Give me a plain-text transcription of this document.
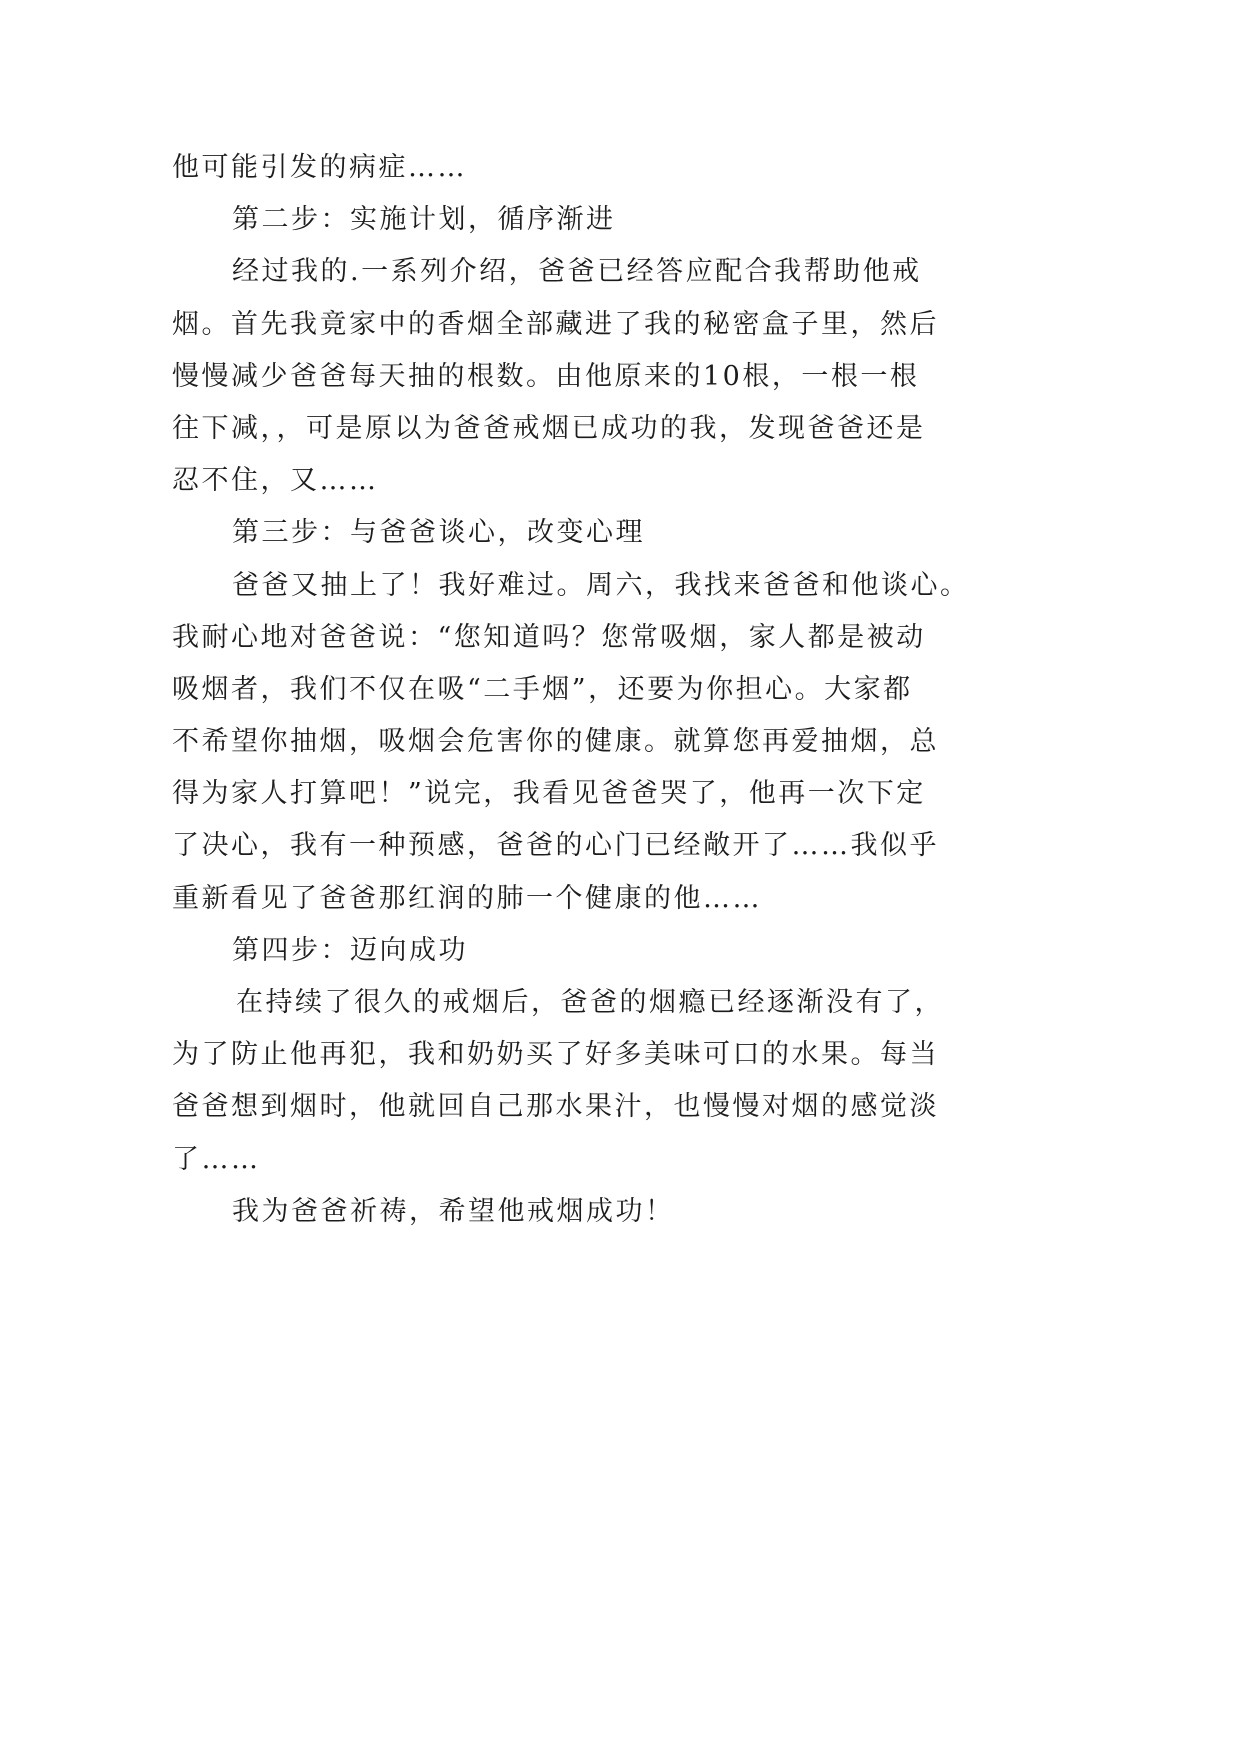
他可能引发的病症……
第二步：实施计划，循序渐进
经过我的.一系列介绍，爸爸已经答应配合我帮助他戒
烟。首先我竟家中的香烟全部藏进了我的秘密盒子里，然后
慢慢减少爸爸每天抽的根数。由他原来的10根，一根一根
往下减，，可是原以为爸爸戒烟已成功的我，发现爸爸还是
忍不住，又……
第三步：与爸爸谈心，改变心理
爸爸又抽上了！我好难过。周六，我找来爸爸和他谈心。
我耐心地对爸爸说：“您知道吗？您常吸烟，家人都是被动
吸烟者，我们不仅在吸“二手烟”，还要为你担心。大家都
不希望你抽烟，吸烟会危害你的健康。就算您再爱抽烟，总
得为家人打算吧！”说完，我看见爸爸哭了，他再一次下定
了决心，我有一种预感，爸爸的心门已经敞开了……我似乎
重新看见了爸爸那红润的肺一个健康的他……
第四步：迈向成功
在持续了很久的戒烟后，爸爸的烟瘾已经逐渐没有了，
为了防止他再犯，我和奶奶买了好多美味可口的水果。每当
爸爸想到烟时，他就回自己那水果汁，也慢慢对烟的感觉淡
了……
我为爸爸祈祷，希望他戒烟成功！
